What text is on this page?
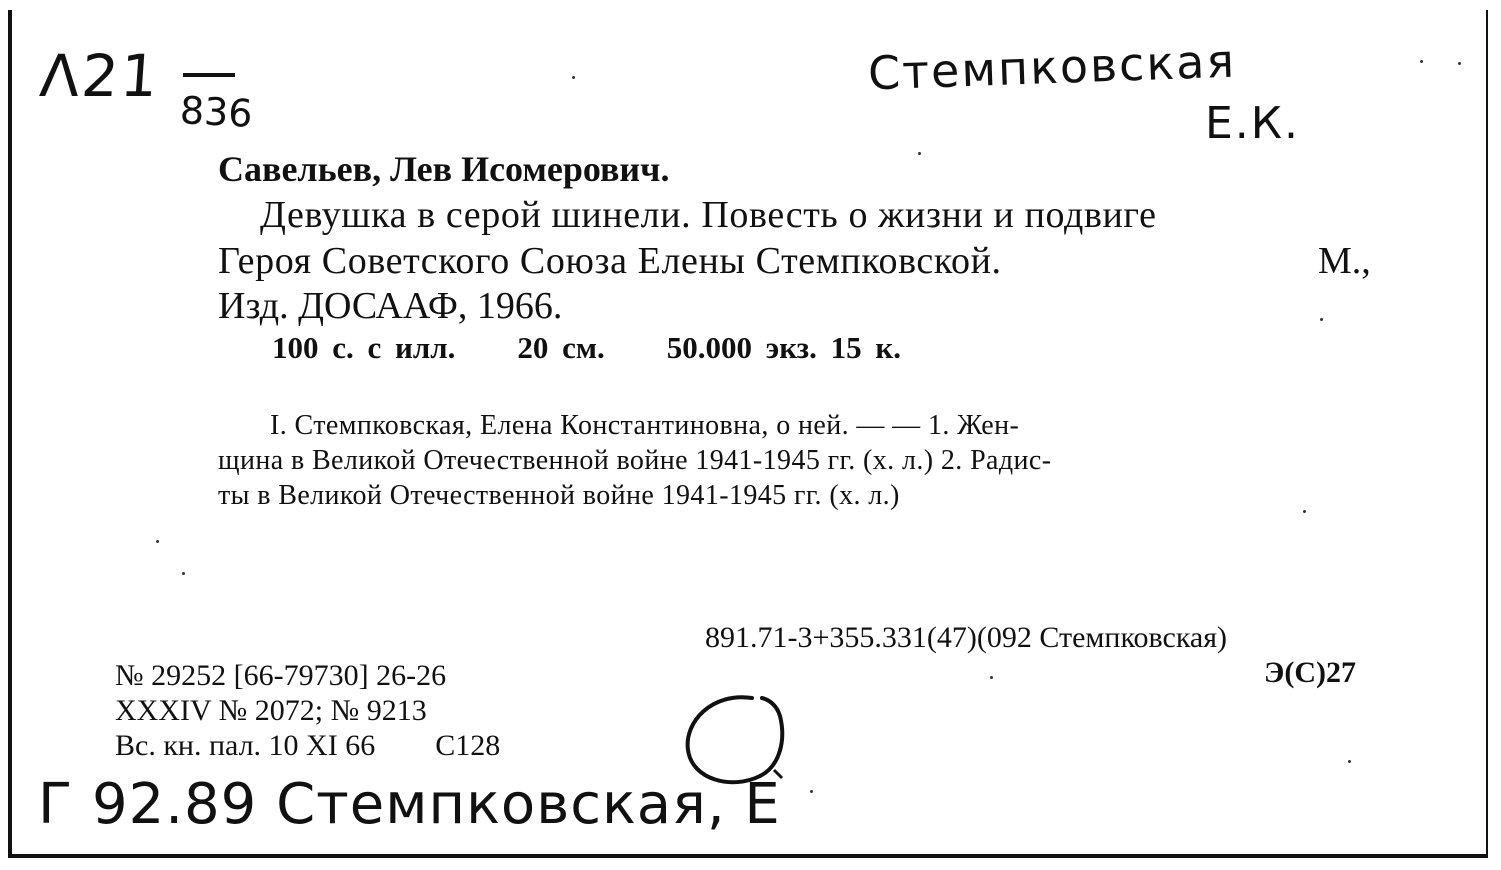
Λ21
836
Стемпковская
Е.К.
Савельев, Лев Исомерович.
Девушка в серой шинели. Повесть о жизни и подвиге
Героя Советского Союза Елены Стемпковской.	М.,
Изд. ДОСААФ, 1966.
100 с. с илл. 20 см. 50.000 экз. 15 к.
I. Стемпковская, Елена Константиновна, о ней. — — 1. Жен-
щина в Великой Отечественной войне 1941-1945 гг. (х. л.) 2. Радис-
ты в Великой Отечественной войне 1941-1945 гг. (х. л.)
891.71-3+355.331(47)(092 Стемпковская)
Э(С)27
№ 29252 [66-79730] 26-26
XXXIV № 2072; № 9213
Вс. кн. пал. 10 XI 66 С128
Г 92.89 Стемпковская, Е
